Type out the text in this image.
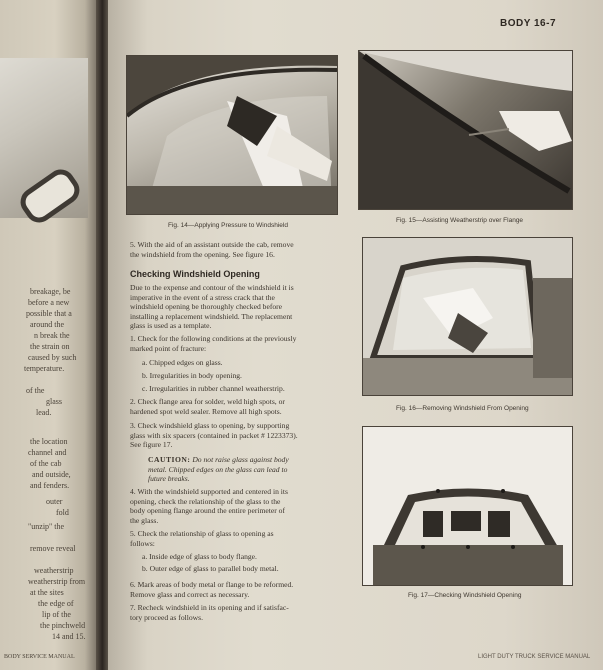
breakage, be
before a new
possible that a
around the
n break the
the strain on
caused by such
temperature.
of the
glass
lead.
the location
channel and
of the cab
and outside,
and fenders.
outer
fold
"unzip" the
remove reveal
weatherstrip
weatherstrip from
at the sites
the edge of
lip of the
the pinchweld
14 and 15.
BODY SERVICE MANUAL
BODY 16-7
Fig. 14—Applying Pressure to Windshield
Fig. 15—Assisting Weatherstrip over Flange
Fig. 16—Removing Windshield From Opening
Fig. 17—Checking Windshield Opening
5. With the aid of an assistant outside the cab, remove
the windshield from the opening. See figure 16.
Checking Windshield Opening
Due to the expense and contour of the windshield it is
imperative in the event of a stress crack that the
windshield opening be thoroughly checked before
installing a replacement windshield. The replacement
glass is used as a template.
1. Check for the following conditions at the previously
marked point of fracture:
a. Chipped edges on glass.
b. Irregularities in body opening.
c. Irregularities in rubber channel weatherstrip.
2. Check flange area for solder, weld high spots, or
hardened spot weld sealer. Remove all high spots.
3. Check windshield glass to opening, by supporting
glass with six spacers (contained in packet # 1223373).
See figure 17.
CAUTION: Do not raise glass against body
metal. Chipped edges on the glass can lead to
future breaks.
4. With the windshield supported and centered in its
opening, check the relationship of the glass to the
body opening flange around the entire perimeter of
the glass.
5. Check the relationship of glass to opening as
follows:
a. Inside edge of glass to body flange.
b. Outer edge of glass to parallel body metal.
6. Mark areas of body metal or flange to be reformed.
Remove glass and correct as necessary.
7. Recheck windshield in its opening and if satisfac-
tory proceed as follows.
LIGHT DUTY TRUCK SERVICE MANUAL
